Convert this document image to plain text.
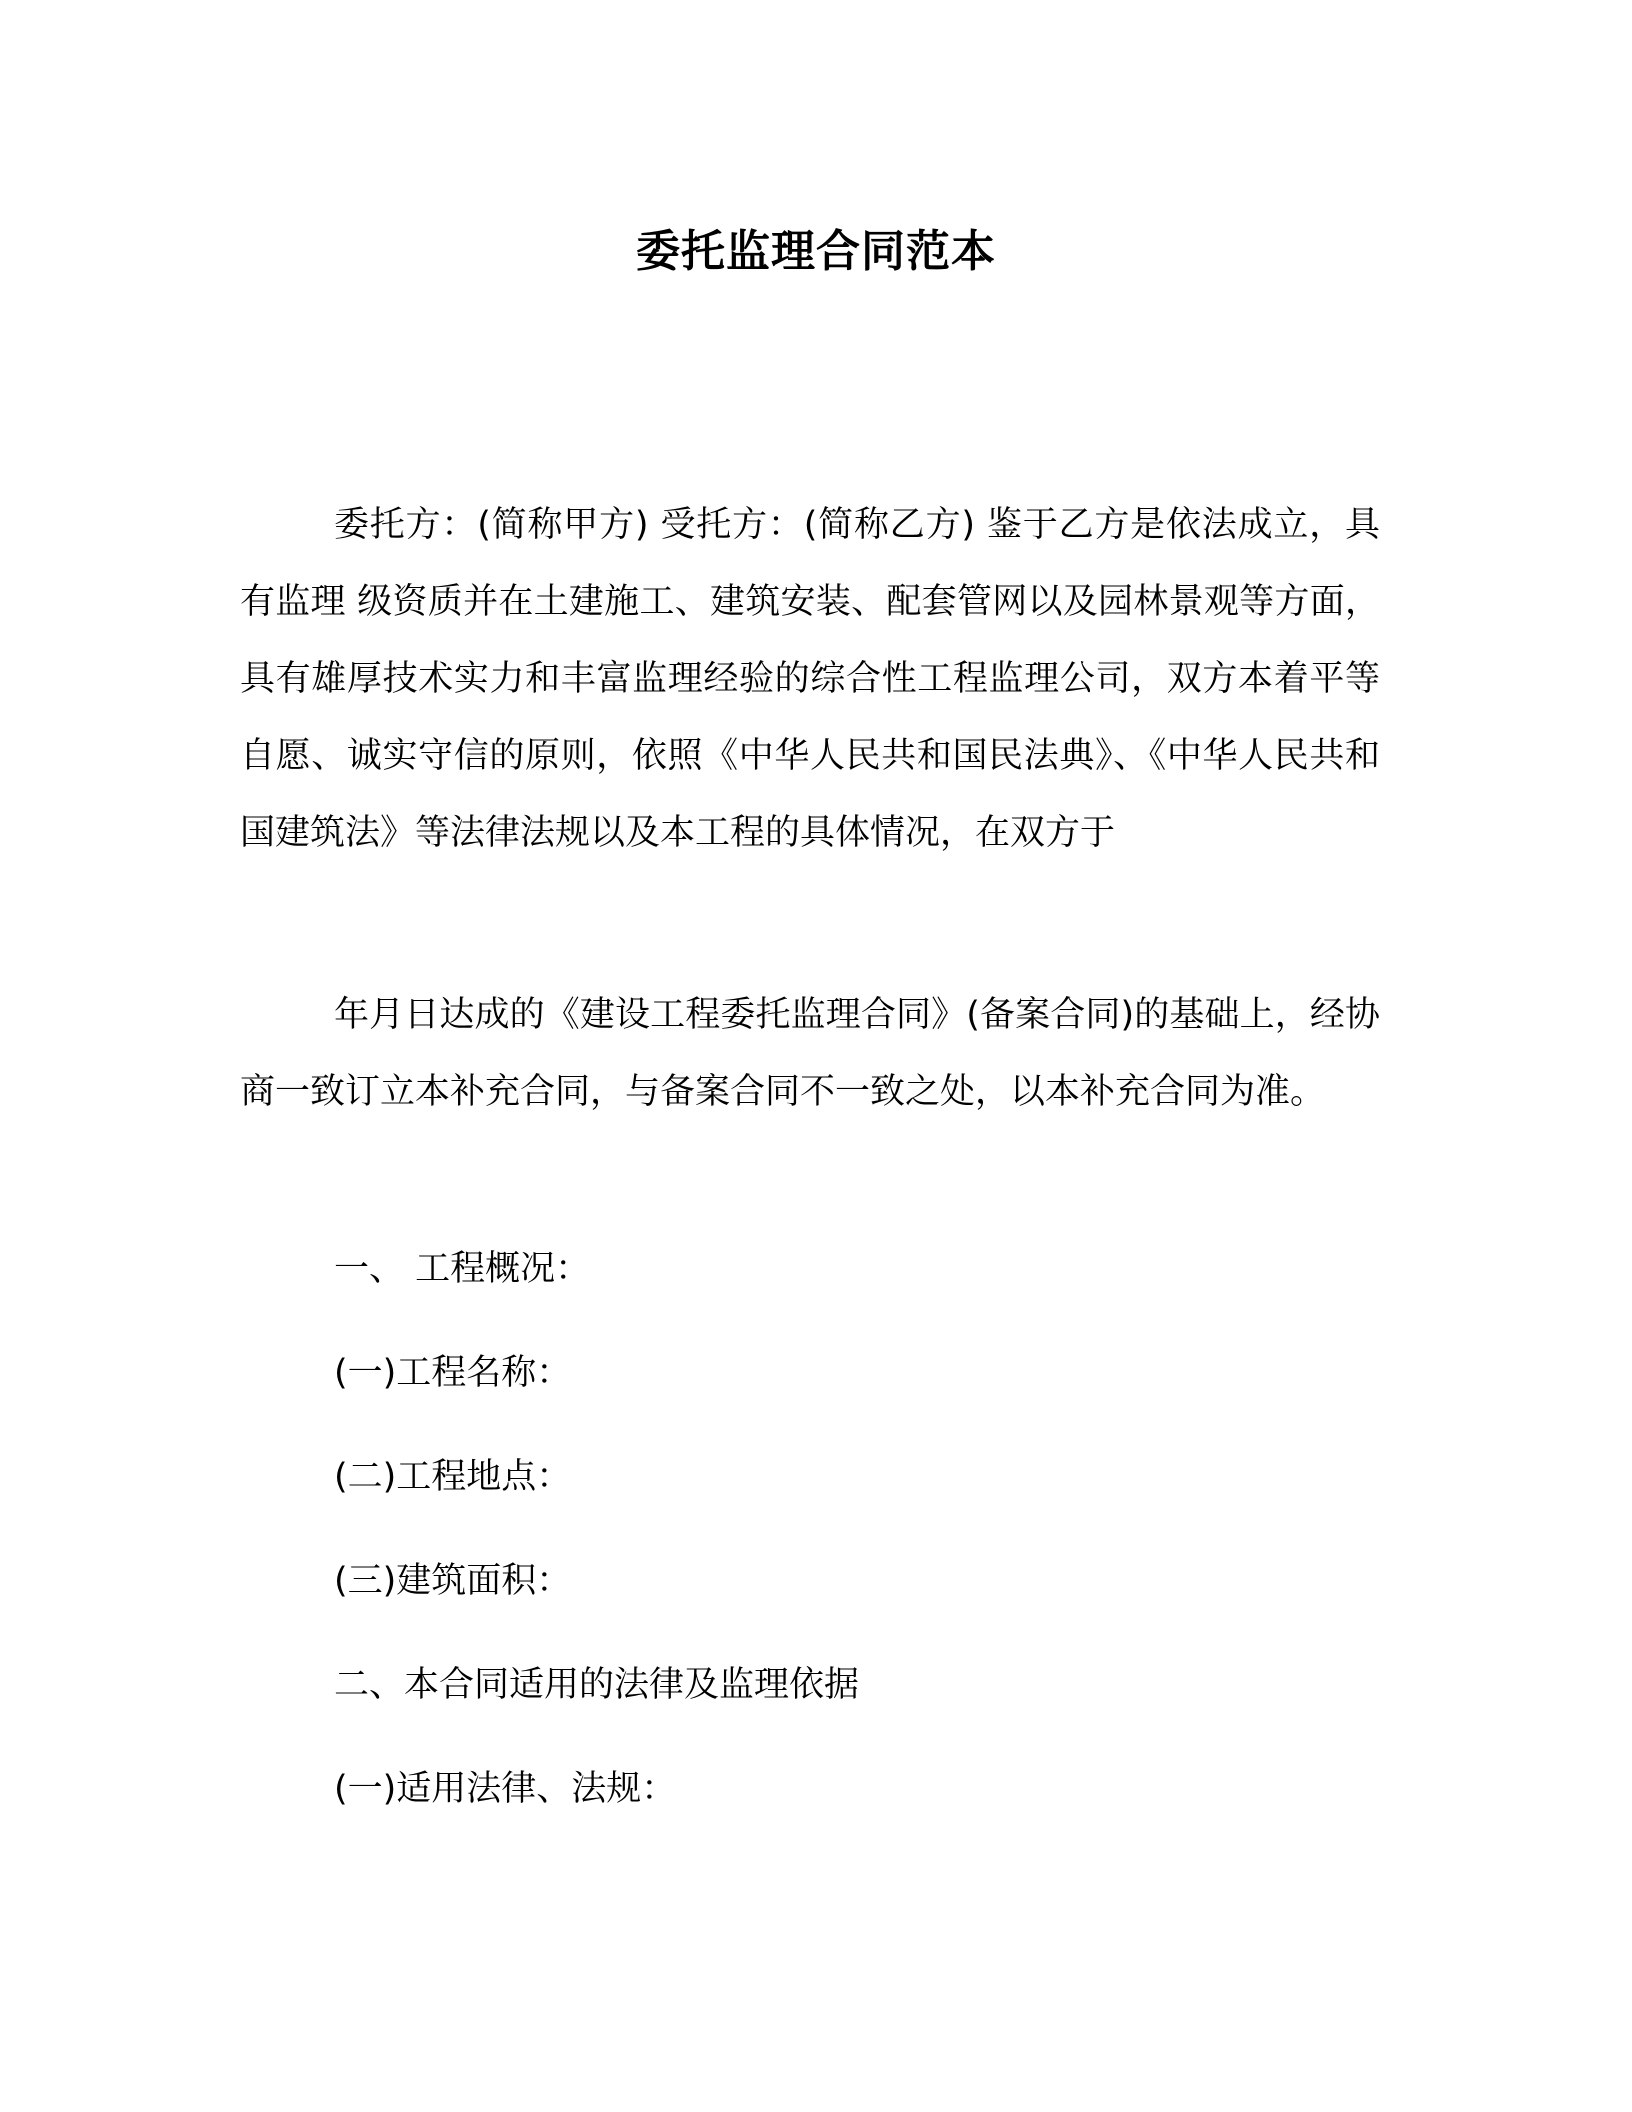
委托监理合同范本

委托方：(简称甲方) 受托方：(简称乙方) 鉴于乙方是依法成立，具有监理 级资质并在土建施工、建筑安装、配套管网以及园林景观等方面，具有雄厚技术实力和丰富监理经验的综合性工程监理公司，双方本着平等自愿、诚实守信的原则，依照《中华人民共和国民法典》、《中华人民共和国建筑法》等法律法规以及本工程的具体情况，在双方于

年月日达成的《建设工程委托监理合同》(备案合同)的基础上，经协商一致订立本补充合同，与备案合同不一致之处，以本补充合同为准。

一、 工程概况：

(一)工程名称：

(二)工程地点：

(三)建筑面积：

二、本合同适用的法律及监理依据

(一)适用法律、法规：
